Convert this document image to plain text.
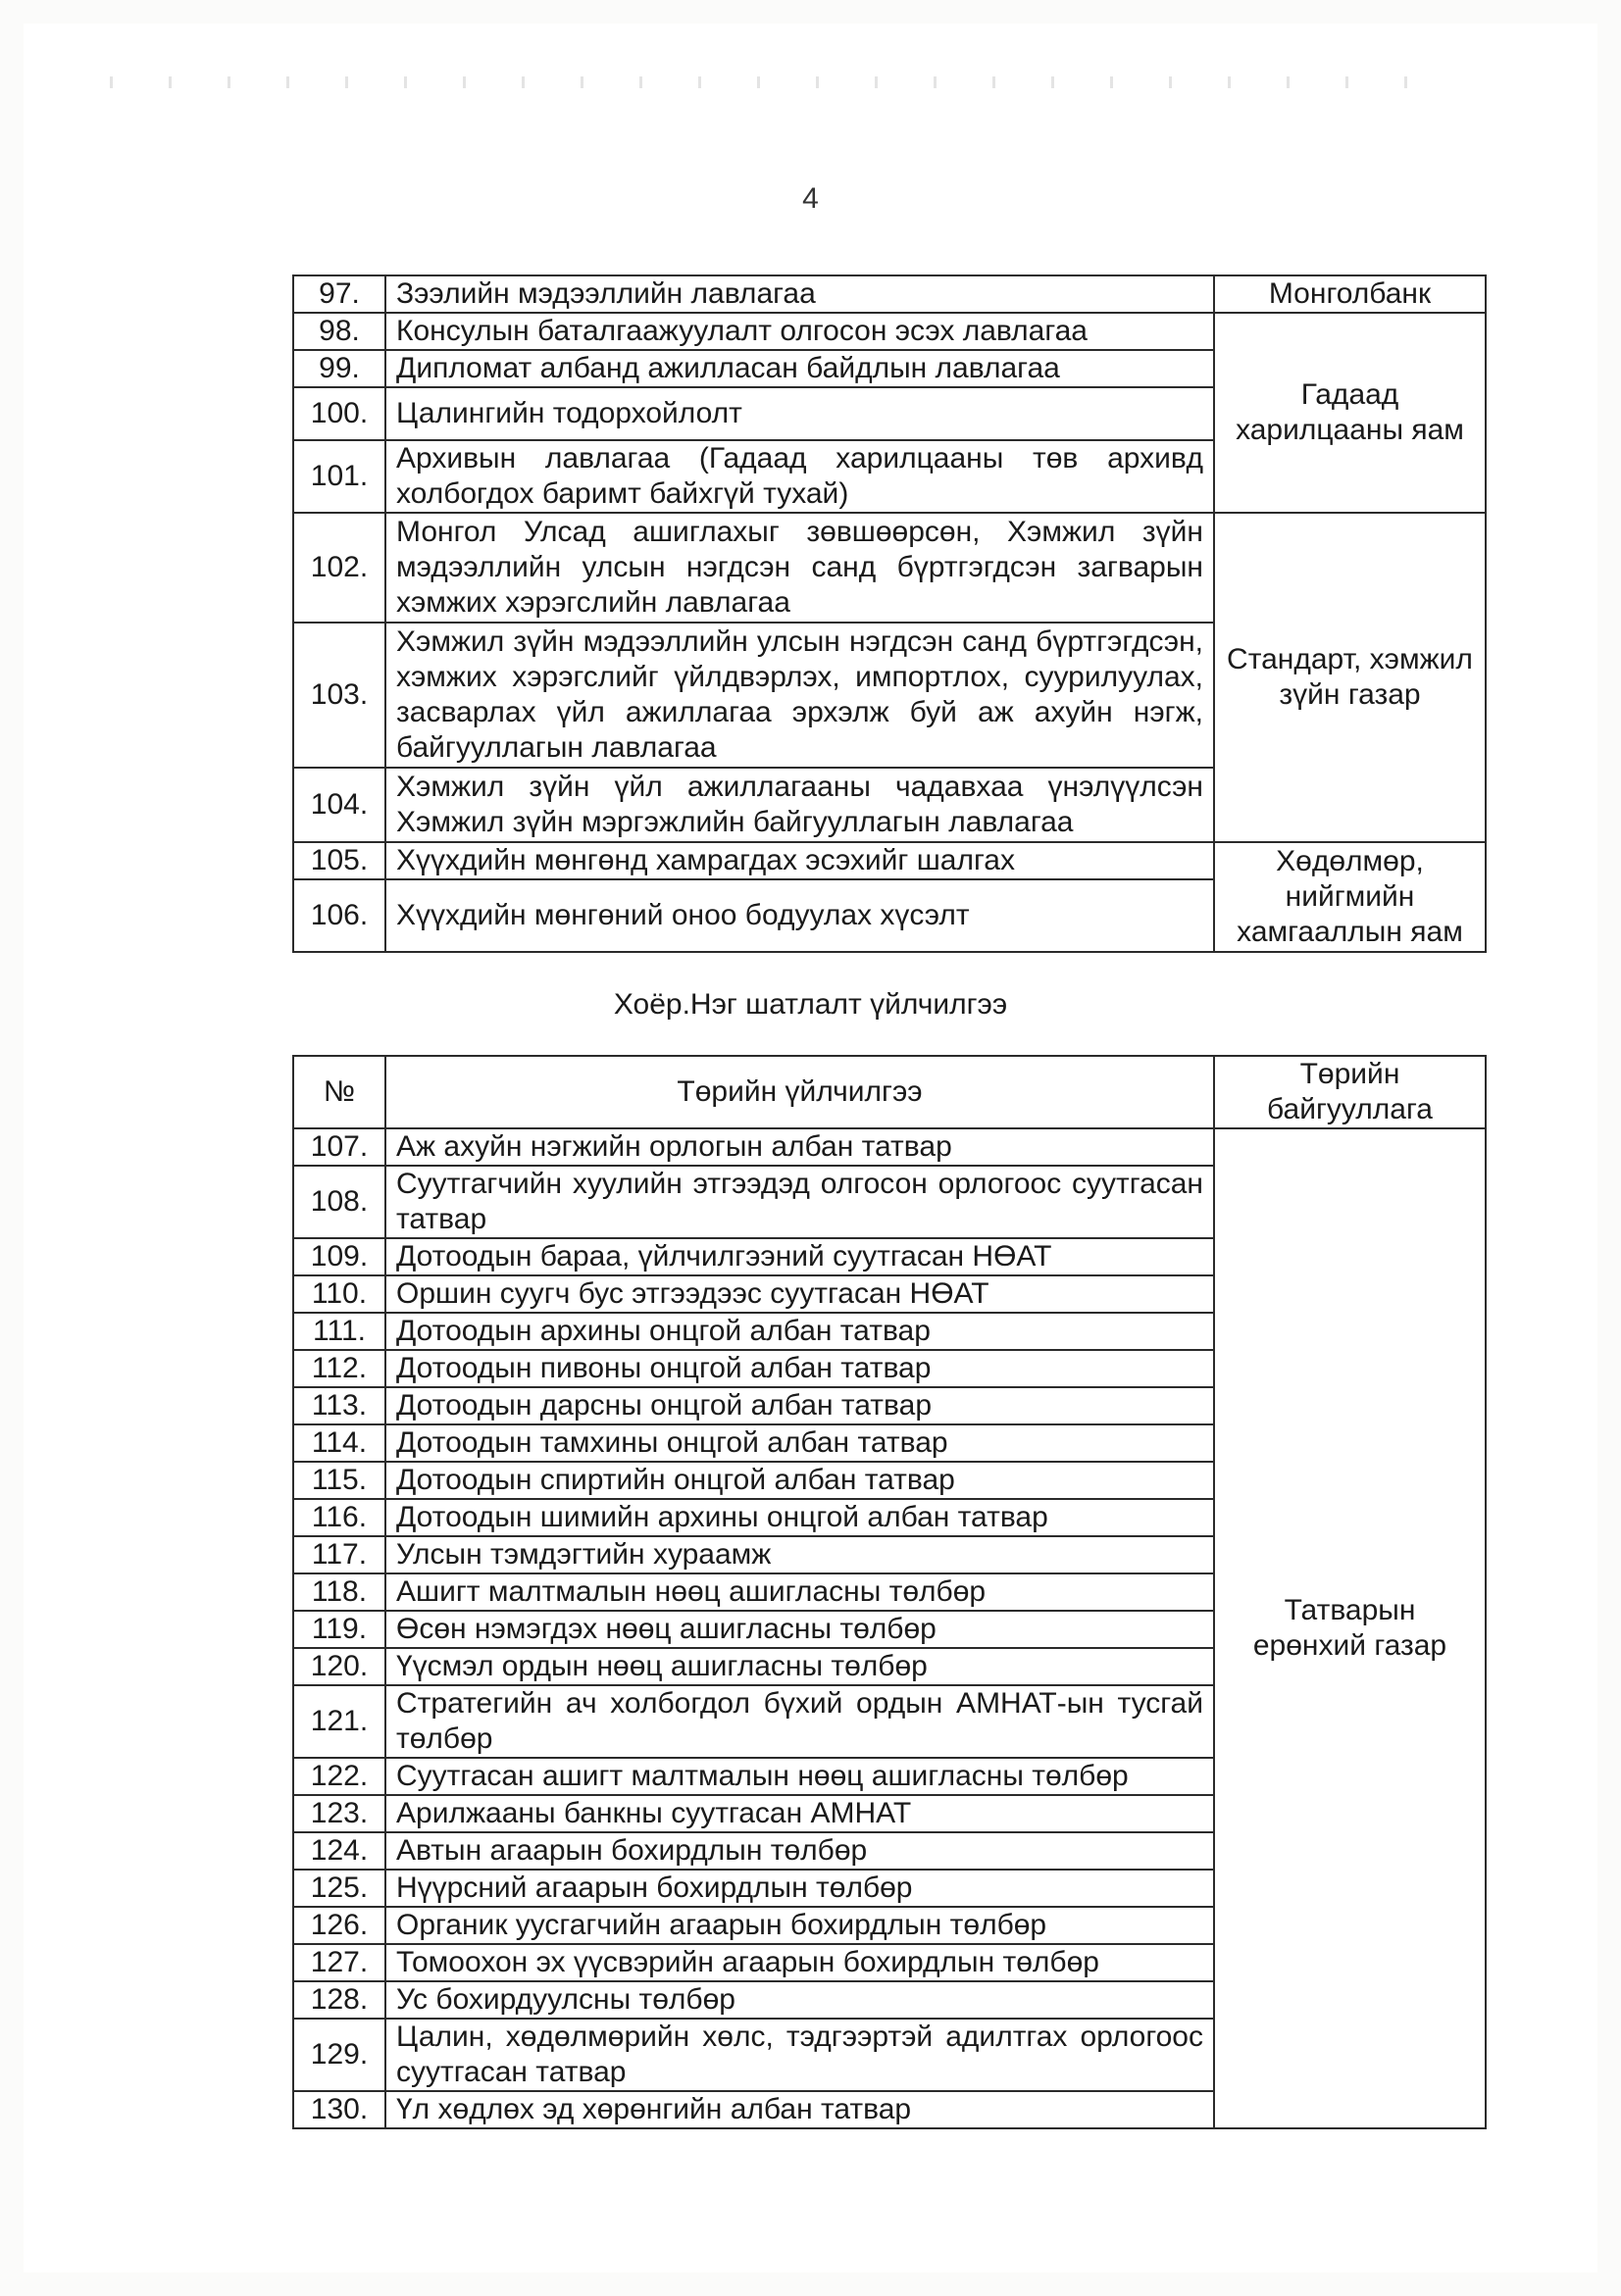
4
97.	Зээлийн мэдээллийн лавлагаа	Монголбанк
98.	Консулын баталгаажуулалт олгосон эсэх лавлагаа	Гадаад харилцааны яам
99.	Дипломат албанд ажилласан байдлын лавлагаа	
100.	Цалингийн тодорхойлолт	
101.	Архивын лавлагаа (Гадаад харилцааны төв архивд холбогдох баримт байхгүй тухай)	
102.	Монгол Улсад ашиглахыг зөвшөөрсөн, Хэмжил зүйн мэдээллийн улсын нэгдсэн санд бүртгэгдсэн загварын хэмжих хэрэгслийн лавлагаа	Стандарт, хэмжил зүйн газар
103.	Хэмжил зүйн мэдээллийн улсын нэгдсэн санд бүртгэгдсэн, хэмжих хэрэгслийг үйлдвэрлэх, импортлох, суурилуулах, засварлах үйл ажиллагаа эрхэлж буй аж ахуйн нэгж, байгууллагын лавлагаа	
104.	Хэмжил зүйн үйл ажиллагааны чадавхаа үнэлүүлсэн Хэмжил зүйн мэргэжлийн байгууллагын лавлагаа	
105.	Хүүхдийн мөнгөнд хамрагдах эсэхийг шалгах	Хөдөлмөр, нийгмийн хамгааллын яам
106.	Хүүхдийн мөнгөний оноо бодуулах хүсэлт	
Хоёр.Нэг шатлалт үйлчилгээ
№	Төрийн үйлчилгээ	Төрийн байгууллага
107.	Аж ахуйн нэгжийн орлогын албан татвар	Татварын ерөнхий газар
108.	Суутгагчийн хуулийн этгээдэд олгосон орлогоос суутгасан татвар	
109.	Дотоодын бараа, үйлчилгээний суутгасан НӨАТ	
110.	Оршин суугч бус этгээдээс суутгасан НӨАТ	
111.	Дотоодын архины онцгой албан татвар	
112.	Дотоодын пивоны онцгой албан татвар	
113.	Дотоодын дарсны онцгой албан татвар	
114.	Дотоодын тамхины онцгой албан татвар	
115.	Дотоодын спиртийн онцгой албан татвар	
116.	Дотоодын шимийн архины онцгой албан татвар	
117.	Улсын тэмдэгтийн хураамж	
118.	Ашигт малтмалын нөөц ашигласны төлбөр	
119.	Өсөн нэмэгдэх нөөц ашигласны төлбөр	
120.	Үүсмэл ордын нөөц ашигласны төлбөр	
121.	Стратегийн ач холбогдол бүхий ордын АМНАТ-ын тусгай төлбөр	
122.	Суутгасан ашигт малтмалын нөөц ашигласны төлбөр	
123.	Арилжааны банкны суутгасан АМНАТ	
124.	Автын агаарын бохирдлын төлбөр	
125.	Нүүрсний агаарын бохирдлын төлбөр	
126.	Органик уусгагчийн агаарын бохирдлын төлбөр	
127.	Томоохон эх үүсвэрийн агаарын бохирдлын төлбөр	
128.	Ус бохирдуулсны төлбөр	
129.	Цалин, хөдөлмөрийн хөлс, тэдгээртэй адилтгах орлогоос суутгасан татвар	
130.	Үл хөдлөх эд хөрөнгийн албан татвар	
